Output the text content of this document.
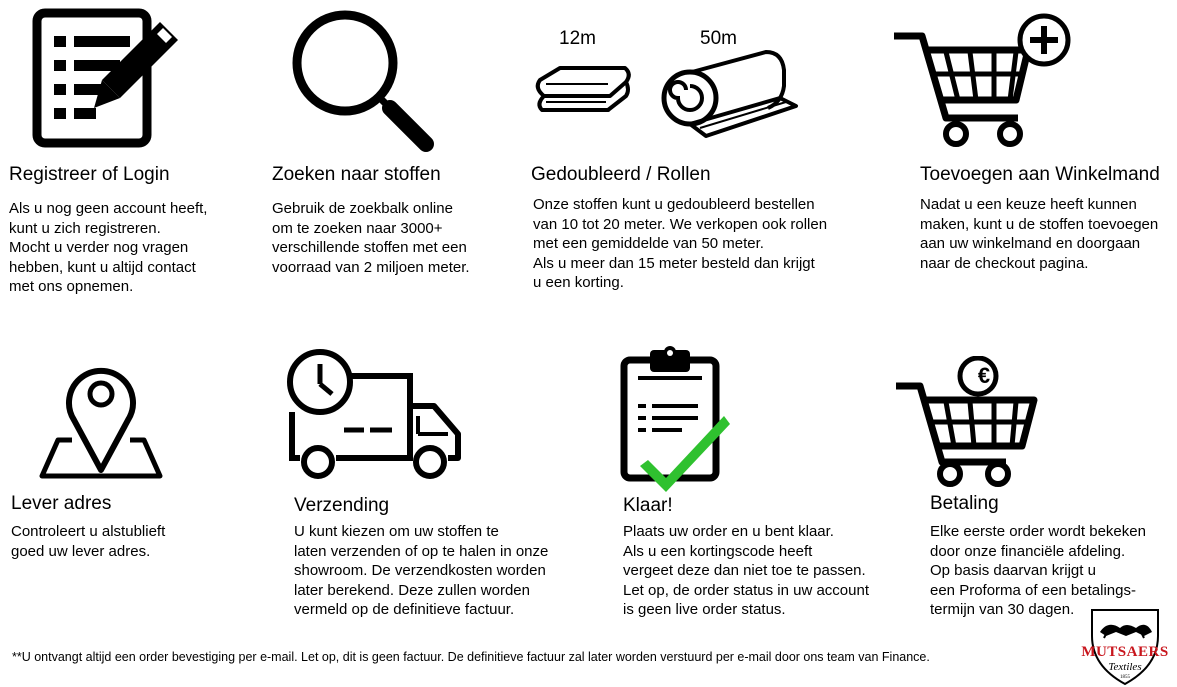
Registreer of Login
Als u nog geen account heeft,
kunt u zich registreren.
Mocht u verder nog vragen
hebben, kunt u altijd contact
met ons opnemen.
Zoeken naar stoffen
Gebruik de zoekbalk online
om te zoeken naar 3000+
verschillende stoffen met een
voorraad van 2 miljoen meter.
12m	50m
Gedoubleerd / Rollen
Onze stoffen kunt u gedoubleerd bestellen
van 10 tot 20 meter. We verkopen ook rollen
met een gemiddelde van 50 meter.
Als u meer dan 15 meter besteld dan krijgt
u een korting.
Toevoegen aan Winkelmand
Nadat u een keuze heeft kunnen
maken, kunt u de stoffen toevoegen
aan uw winkelmand en doorgaan
naar de checkout pagina.
Lever adres
Controleert u alstublieft
goed uw lever adres.
Verzending
U kunt kiezen om uw stoffen te
laten verzenden of op te halen in onze
showroom. De verzendkosten worden
later berekend. Deze zullen worden
vermeld op de definitieve factuur.
Klaar!
Plaats uw order en u bent klaar.
Als u een kortingscode heeft
vergeet deze dan niet toe te passen.
Let op, de order status in uw account
is geen live order status.
€
Betaling
Elke eerste order wordt bekeken
door onze financiële afdeling.
Op basis daarvan krijgt u
een Proforma of een betalings-
termijn van 30 dagen.
**U ontvangt altijd een order bevestiging per e-mail. Let op, dit is geen factuur. De definitieve factuur zal later worden verstuurd per e-mail door ons team van Finance.	MUTSAERS
Textiles
1855
